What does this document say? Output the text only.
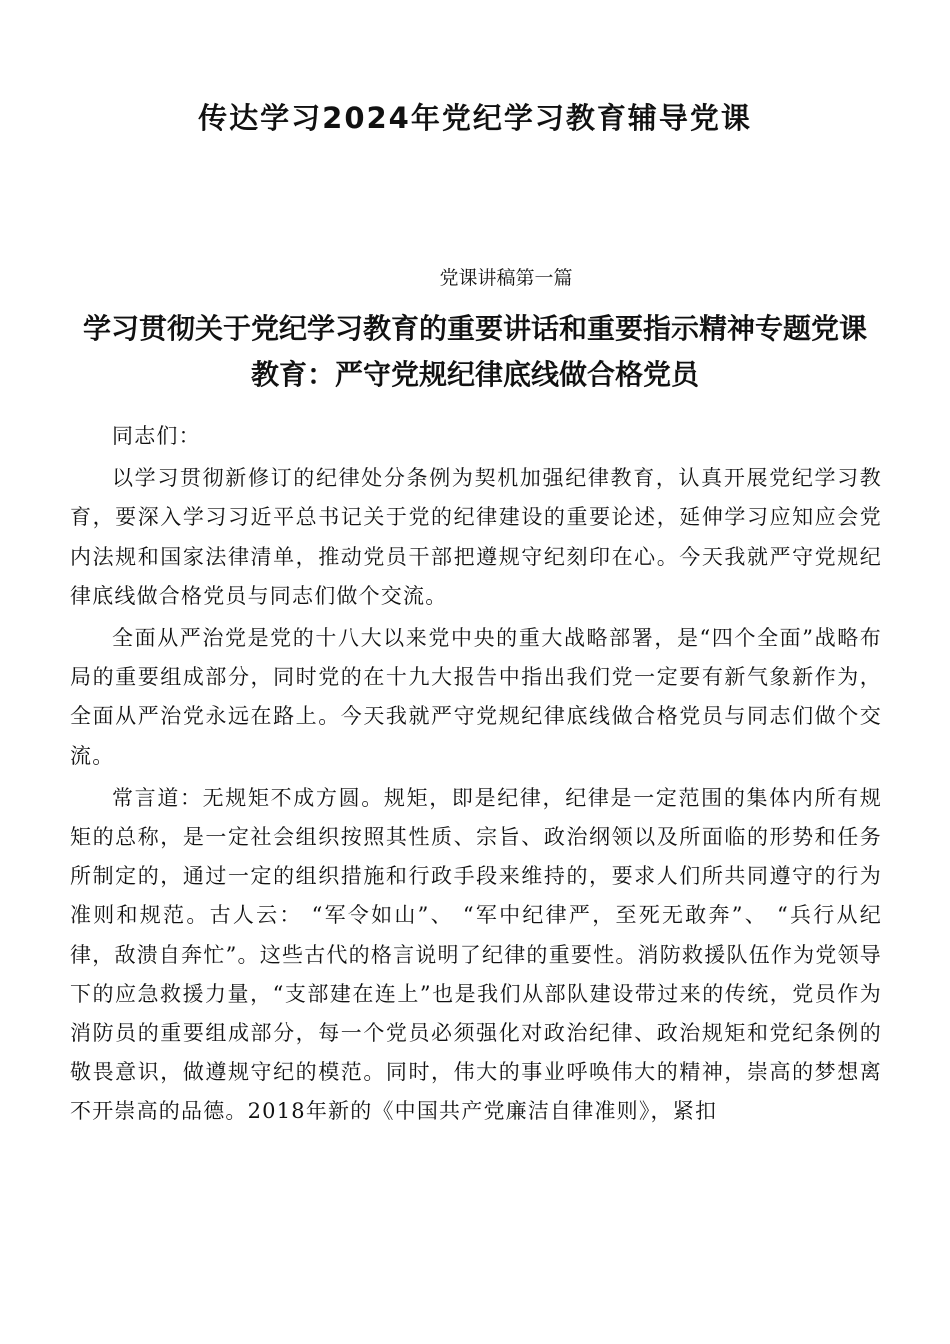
传达学习2024年党纪学习教育辅导党课
党课讲稿第一篇
学习贯彻关于党纪学习教育的重要讲话和重要指示精神专题党课教育：严守党规纪律底线做合格党员

同志们：

以学习贯彻新修订的纪律处分条例为契机加强纪律教育，认真开展党纪学习教育，要深入学习习近平总书记关于党的纪律建设的重要论述，延伸学习应知应会党内法规和国家法律清单，推动党员干部把遵规守纪刻印在心。今天我就严守党规纪律底线做合格党员与同志们做个交流。

全面从严治党是党的十八大以来党中央的重大战略部署，是“四个全面”战略布局的重要组成部分，同时党的在十九大报告中指出我们党一定要有新气象新作为，全面从严治党永远在路上。今天我就严守党规纪律底线做合格党员与同志们做个交流。

常言道：无规矩不成方圆。规矩，即是纪律，纪律是一定范围的集体内所有规矩的总称，是一定社会组织按照其性质、宗旨、政治纲领以及所面临的形势和任务所制定的，通过一定的组织措施和行政手段来维持的，要求人们所共同遵守的行为准则和规范。古人云： “军令如山”、 “军中纪律严，至死无敢奔”、 “兵行从纪律，敌溃自奔忙”。这些古代的格言说明了纪律的重要性。消防救援队伍作为党领导下的应急救援力量，“支部建在连上”也是我们从部队建设带过来的传统，党员作为消防员的重要组成部分，每一个党员必须强化对政治纪律、政治规矩和党纪条例的敬畏意识，做遵规守纪的模范。同时，伟大的事业呼唤伟大的精神，崇高的梦想离不开崇高的品德。2018年新的《中国共产党廉洁自律准则》，紧扣
